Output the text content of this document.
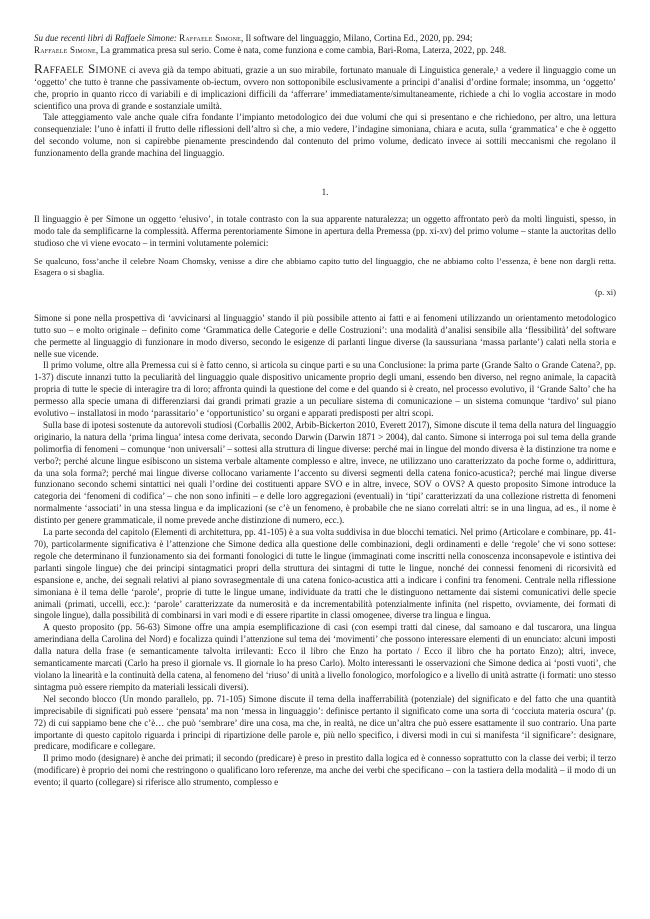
Su due recenti libri di Raffaele Simone: Raffaele Simone, Il software del linguaggio, Milano, Cortina Ed., 2020, pp. 294;

Raffaele Simone, La grammatica presa sul serio. Come è nata, come funziona e come cambia, Bari-Roma, Laterza, 2022, pp. 248.

Raffaele Simone ci aveva già da tempo abituati, grazie a un suo mirabile, fortunato manuale di Linguistica generale,¹ a vedere il linguaggio come un ‘oggetto’ che tutto è tranne che passivamente ob-iectum, ovvero non sottoponibile esclusivamente a principi d’analisi d’ordine formale; insomma, un ‘oggetto’ che, proprio in quanto ricco di variabili e di implicazioni difficili da ‘afferrare’ immediatamente/simultaneamente, richiede a chi lo voglia accostare in modo scientifico una prova di grande e sostanziale umiltà.

Tale atteggiamento vale anche quale cifra fondante l’impianto metodologico dei due volumi che qui si presentano e che richiedono, per altro, una lettura consequenziale: l’uno è infatti il frutto delle riflessioni dell’altro sì che, a mio vedere, l’indagine simoniana, chiara e acuta, sulla ‘grammatica’ e che è oggetto del secondo volume, non si capirebbe pienamente prescindendo dal contenuto del primo volume, dedicato invece ai sottili meccanismi che regolano il funzionamento della grande machina del linguaggio.

1.

Il linguaggio è per Simone un oggetto ‘elusivo’, in totale contrasto con la sua apparente naturalezza; un oggetto affrontato però da molti linguisti, spesso, in modo tale da semplificarne la complessità. Afferma perentoriamente Simone in apertura della Premessa (pp. xi-xv) del primo volume – stante la auctoritas dello studioso che vi viene evocato – in termini volutamente polemici:

Se qualcuno, foss’anche il celebre Noam Chomsky, venisse a dire che abbiamo capito tutto del linguaggio, che ne abbiamo colto l’essenza, è bene non dargli retta. Esagera o si sbaglia.

(p. xi)

Simone si pone nella prospettiva di ‘avvicinarsi al linguaggio’ stando il più possibile attento ai fatti e ai fenomeni utilizzando un orientamento metodologico tutto suo – e molto originale – definito come ‘Grammatica delle Categorie e delle Costruzioni’: una modalità d’analisi sensibile alla ‘flessibilità’ del software che permette al linguaggio di funzionare in modo diverso, secondo le esigenze di parlanti lingue diverse (la saussuriana ‘massa parlante’) calati nella storia e nelle sue vicende.

Il primo volume, oltre alla Premessa cui si è fatto cenno, si articola su cinque parti e su una Conclusione: la prima parte (Grande Salto o Grande Catena?, pp. 1-37) discute innanzi tutto la peculiarità del linguaggio quale dispositivo unicamente proprio degli umani, essendo ben diverso, nel regno animale, la capacità propria di tutte le specie di interagire tra di loro; affronta quindi la questione del come e del quando si è creato, nel processo evolutivo, il ‘Grande Salto’ che ha permesso alla specie umana di differenziarsi dai grandi primati grazie a un peculiare sistema di comunicazione – un sistema comunque ‘tardivo’ sul piano evolutivo – installatosi in modo ‘parassitario’ e ‘opportunistico’ su organi e apparati predisposti per altri scopi.

Sulla base di ipotesi sostenute da autorevoli studiosi (Corballis 2002, Arbib-Bickerton 2010, Everett 2017), Simone discute il tema della natura del linguaggio originario, la natura della ‘prima lingua’ intesa come derivata, secondo Darwin (Darwin 1871 > 2004), dal canto. Simone si interroga poi sul tema della grande polimorfia di fenomeni – comunque ‘non universali’ – sottesi alla struttura di lingue diverse: perché mai in lingue del mondo diversa è la distinzione tra nome e verbo?; perché alcune lingue esibiscono un sistema verbale altamente complesso e altre, invece, ne utilizzano uno caratterizzato da poche forme o, addirittura, da una sola forma?; perché mai lingue diverse collocano variamente l’accento su diversi segmenti della catena fonico-acustica?; perché mai lingue diverse funzionano secondo schemi sintattici nei quali l’ordine dei costituenti appare SVO e in altre, invece, SOV o OVS? A questo proposito Simone introduce la categoria dei ‘fenomeni di codifica’ – che non sono infiniti – e delle loro aggregazioni (eventuali) in ‘tipi’ caratterizzati da una collezione ristretta di fenomeni normalmente ‘associati’ in una stessa lingua e da implicazioni (se c’è un fenomeno, è probabile che ne siano correlati altri: se in una lingua, ad es., il nome è distinto per genere grammaticale, il nome prevede anche distinzione di numero, ecc.).

La parte seconda del capitolo (Elementi di architettura, pp. 41-105) è a sua volta suddivisa in due blocchi tematici. Nel primo (Articolare e combinare, pp. 41-70), particolarmente significativa è l’attenzione che Simone dedica alla questione delle combinazioni, degli ordinamenti e delle ‘regole’ che vi sono sottese: regole che determinano il funzionamento sia dei formanti fonologici di tutte le lingue (immaginati come inscritti nella conoscenza inconsapevole e istintiva dei parlanti singole lingue) che dei principi sintagmatici propri della struttura dei sintagmi di tutte le lingue, nonché dei connessi fenomeni di ricorsività ed espansione e, anche, dei segnali relativi al piano sovrasegmentale di una catena fonico-acustica atti a indicare i confini tra fenomeni. Centrale nella riflessione simoniana è il tema delle ‘parole’, proprie di tutte le lingue umane, individuate da tratti che le distinguono nettamente dai sistemi comunicativi delle specie animali (primati, uccelli, ecc.): ‘parole’ caratterizzate da numerosità e da incrementabilità potenzialmente infinita (nel rispetto, ovviamente, dei formati di singole lingue), dalla possibilità di combinarsi in vari modi e di essere ripartite in classi omogenee, diverse tra lingua e lingua.

A questo proposito (pp. 56-63) Simone offre una ampia esemplificazione di casi (con esempi tratti dal cinese, dal samoano e dal tuscarora, una lingua amerindiana della Carolina del Nord) e focalizza quindi l’attenzione sul tema dei ‘movimenti’ che possono interessare elementi di un enunciato: alcuni imposti dalla natura della frase (e semanticamente talvolta irrilevanti: Ecco il libro che Enzo ha portato / Ecco il libro che ha portato Enzo); altri, invece, semanticamente marcati (Carlo ha preso il giornale vs. Il giornale lo ha preso Carlo). Molto interessanti le osservazioni che Simone dedica ai ‘posti vuoti’, che violano la linearità e la continuità della catena, al fenomeno del ‘riuso’ di unità a livello fonologico, morfologico e a livello di unità astratte (i formati: uno stesso sintagma può essere riempito da materiali lessicali diversi).

Nel secondo blocco (Un mondo parallelo, pp. 71-105) Simone discute il tema della inafferrabilità (potenziale) del significato e del fatto che una quantità imprecisabile di significati può essere ‘pensata’ ma non ‘messa in linguaggio’: definisce pertanto il significato come una sorta di ‘cocciuta materia oscura’ (p. 72) di cui sappiamo bene che c’è… che può ‘sembrare’ dire una cosa, ma che, in realtà, ne dice un’altra che può essere esattamente il suo contrario. Una parte importante di questo capitolo riguarda i principi di ripartizione delle parole e, più nello specifico, i diversi modi in cui si manifesta ‘il significare’: designare, predicare, modificare e collegare.

Il primo modo (designare) è anche dei primati; il secondo (predicare) è preso in prestito dalla logica ed è connesso soprattutto con la classe dei verbi; il terzo (modificare) è proprio dei nomi che restringono o qualificano loro referenze, ma anche dei verbi che specificano – con la tastiera della modalità – il modo di un evento; il quarto (collegare) si riferisce allo strumento, complesso e
